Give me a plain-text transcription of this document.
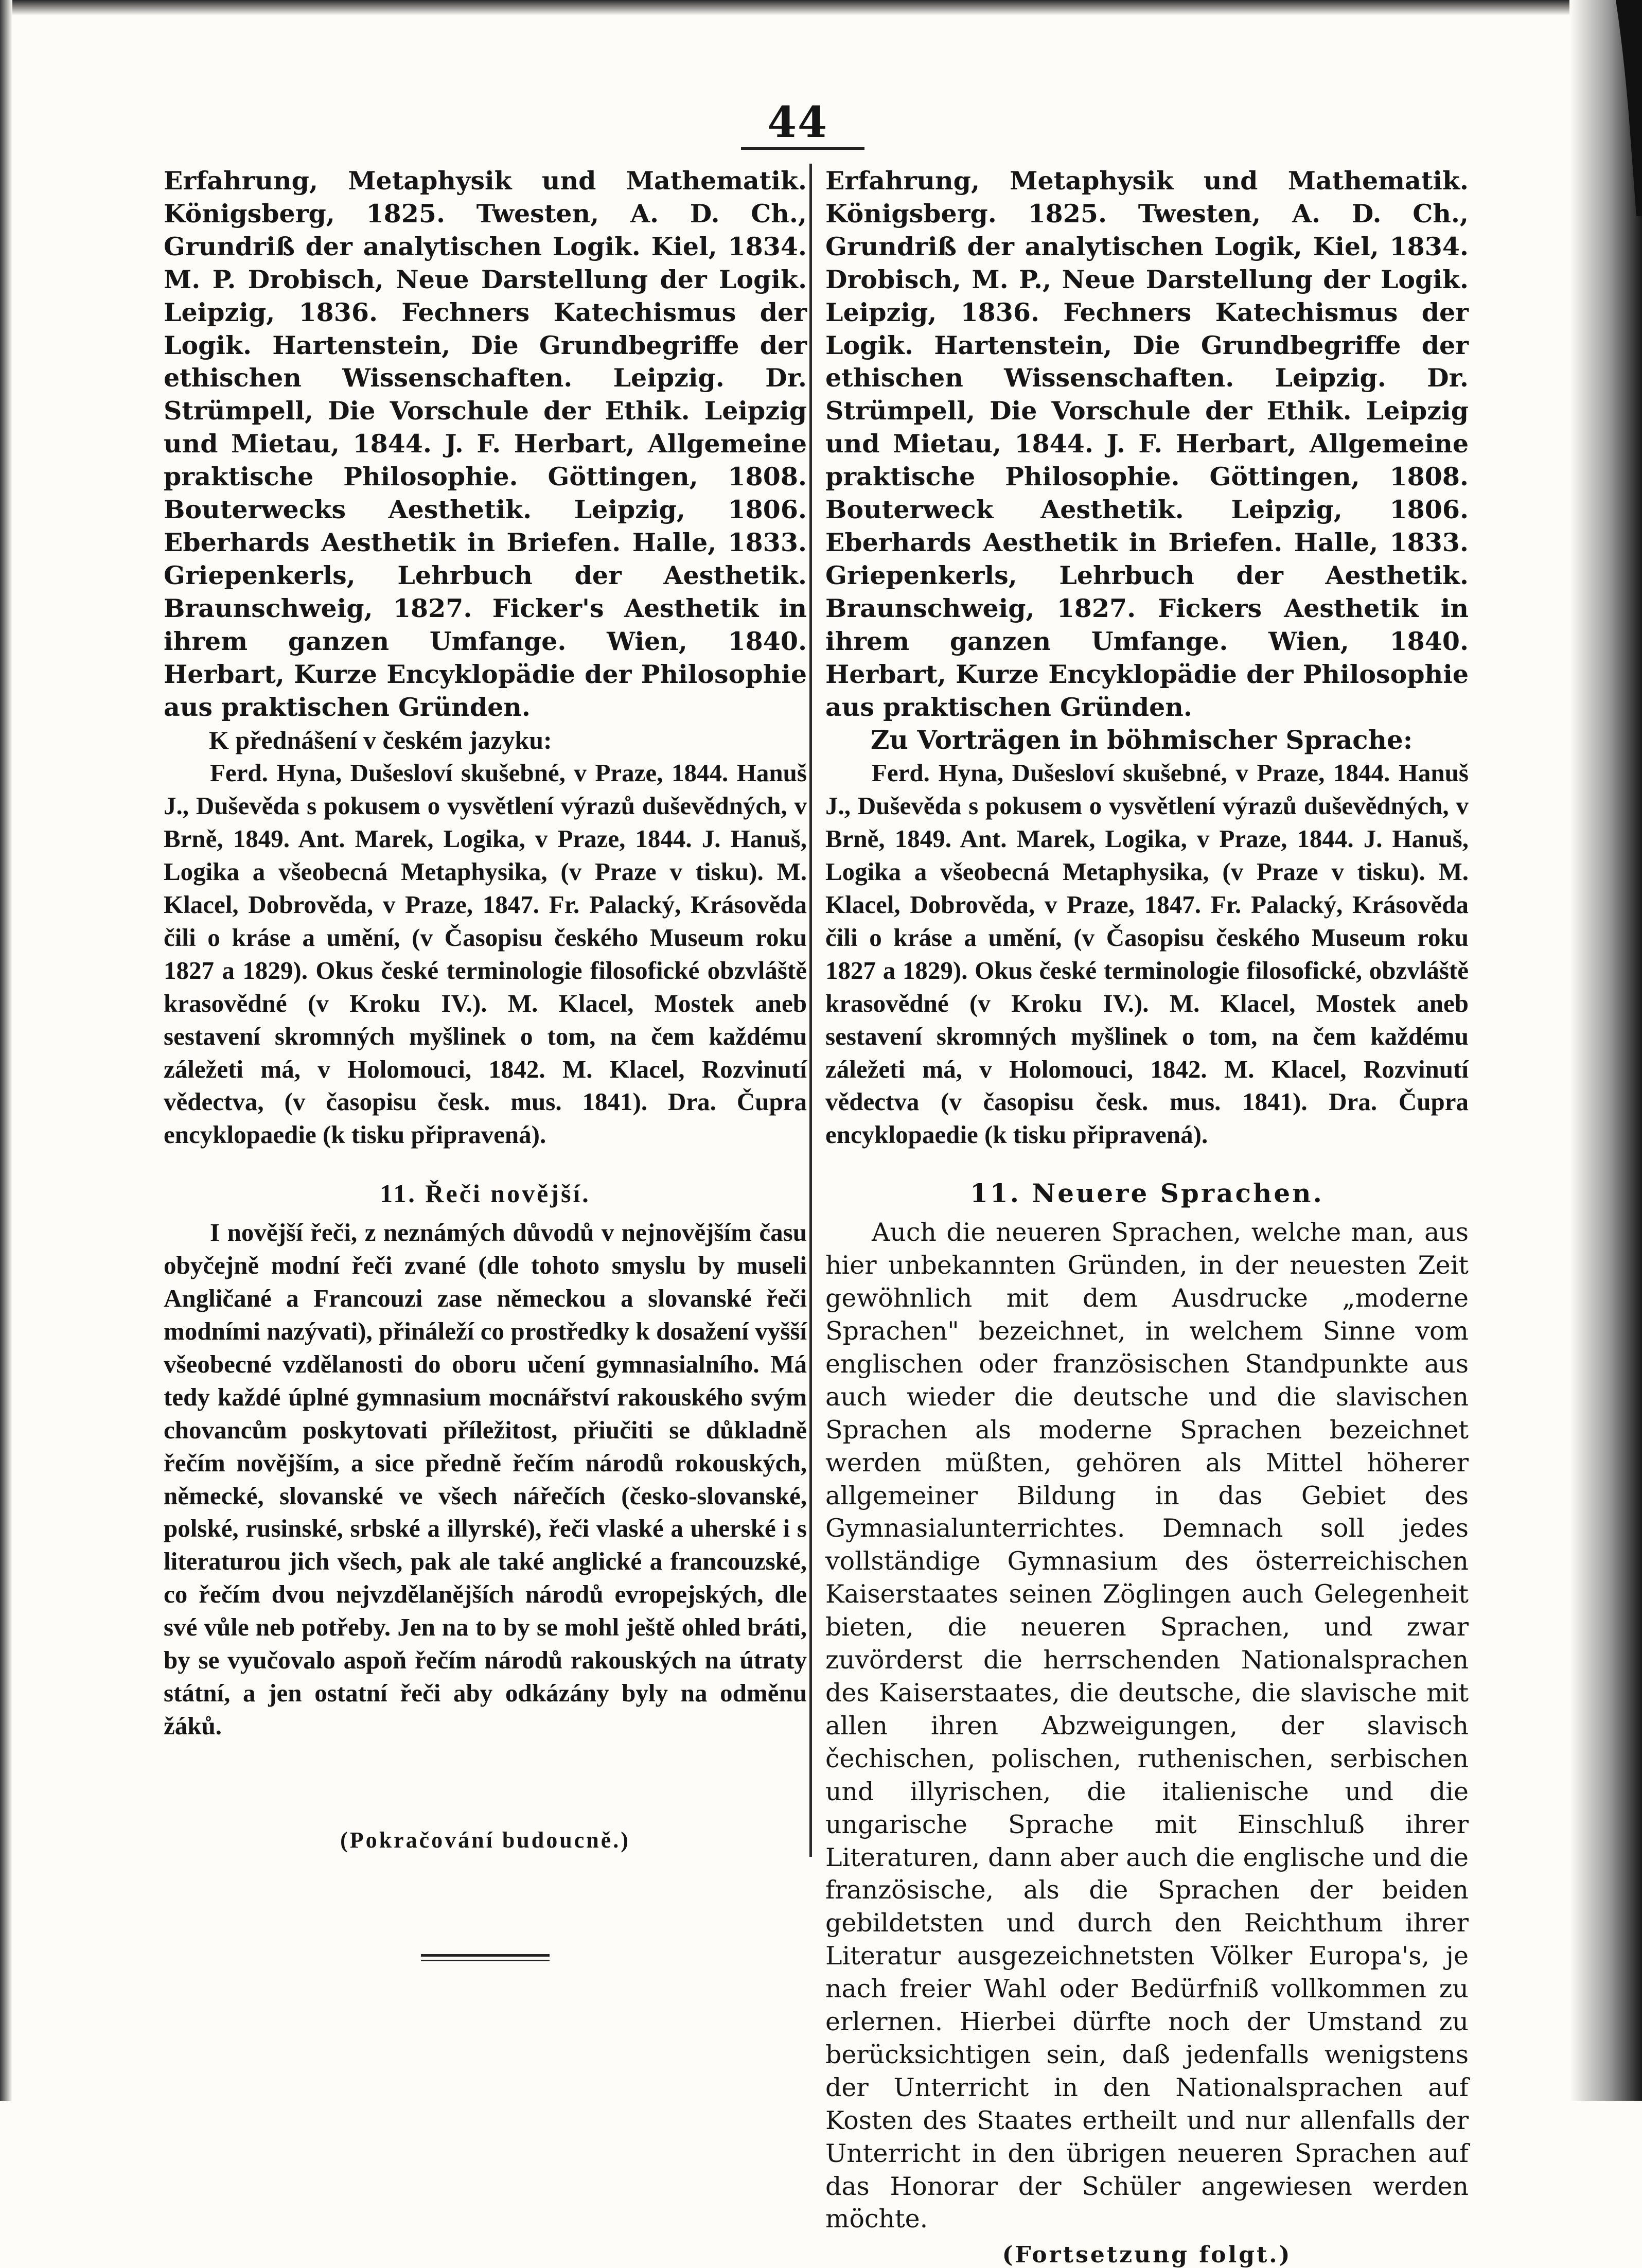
44

Erfahrung, Metaphysik und Mathematik. Königsberg, 1825. Twesten, A. D. Ch., Grundriß der analytischen Logik. Kiel, 1834. M. P. Drobisch, Neue Darstellung der Logik. Leipzig, 1836. Fechners Katechismus der Logik. Hartenstein, Die Grundbegriffe der ethischen Wissenschaften. Leipzig. Dr. Strümpell, Die Vorschule der Ethik. Leipzig und Mietau, 1844. J. F. Herbart, Allgemeine praktische Philosophie. Göttingen, 1808. Bouterwecks Aesthetik. Leipzig, 1806. Eberhards Aesthetik in Briefen. Halle, 1833. Griepenkerls, Lehrbuch der Aesthetik. Braunschweig, 1827. Ficker's Aesthetik in ihrem ganzen Umfange. Wien, 1840. Herbart, Kurze Encyklopädie der Philosophie aus praktischen Gründen.

K přednášení v českém jazyku:

Ferd. Hyna, Dušesloví skušebné, v Praze, 1844. Hanuš J., Duševěda s pokusem o vysvětlení výrazů duševědných, v Brně, 1849. Ant. Marek, Logika, v Praze, 1844. J. Hanuš, Logika a všeobecná Metaphysika, (v Praze v tisku). M. Klacel, Dobrověda, v Praze, 1847. Fr. Palacký, Krásověda čili o kráse a umění, (v Časopisu českého Museum roku 1827 a 1829). Okus české terminologie filosofické obzvláště krasovědné (v Kroku IV.). M. Klacel, Mostek aneb sestavení skromných myšlinek o tom, na čem každému záležeti má, v Holomouci, 1842. M. Klacel, Rozvinutí vědectva, (v časopisu česk. mus. 1841). Dra. Čupra encyklopaedie (k tisku připravená).

11. Řeči novější.

I novější řeči, z neznámých důvodů v nejnovějším času obyčejně modní řeči zvané (dle tohoto smyslu by museli Angličané a Francouzi zase německou a slovanské řeči modními nazývati), přináleží co prostředky k dosažení vyšší všeobecné vzdělanosti do oboru učení gymnasialního. Má tedy každé úplné gymnasium mocnářství rakouského svým chovancům poskytovati příležitost, přiučiti se důkladně řečím novějším, a sice předně řečím národů rokouských, německé, slovanské ve všech nářečích (česko-slovanské, polské, rusinské, srbské a illyrské), řeči vlaské a uherské i s literaturou jich všech, pak ale také anglické a francouzské, co řečím dvou nejvzdělanějších národů evropejských, dle své vůle neb potřeby. Jen na to by se mohl ještě ohled bráti, by se vyučovalo aspoň řečím národů rakouských na útraty státní, a jen ostatní řeči aby odkázány byly na odměnu žáků.

(Pokračování budoucně.)

Erfahrung, Metaphysik und Mathematik. Königsberg. 1825. Twesten, A. D. Ch., Grundriß der analytischen Logik, Kiel, 1834. Drobisch, M. P., Neue Darstellung der Logik. Leipzig, 1836. Fechners Katechismus der Logik. Hartenstein, Die Grundbegriffe der ethischen Wissenschaften. Leipzig. Dr. Strümpell, Die Vorschule der Ethik. Leipzig und Mietau, 1844. J. F. Herbart, Allgemeine praktische Philosophie. Göttingen, 1808. Bouterweck Aesthetik. Leipzig, 1806. Eberhards Aesthetik in Briefen. Halle, 1833. Griepenkerls, Lehrbuch der Aesthetik. Braunschweig, 1827. Fickers Aesthetik in ihrem ganzen Umfange. Wien, 1840. Herbart, Kurze Encyklopädie der Philosophie aus praktischen Gründen.

Zu Vorträgen in böhmischer Sprache:

Ferd. Hyna, Dušesloví skušebné, v Praze, 1844. Hanuš J., Duševěda s pokusem o vysvětlení výrazů duševědných, v Brně, 1849. Ant. Marek, Logika, v Praze, 1844. J. Hanuš, Logika a všeobecná Metaphysika, (v Praze v tisku). M. Klacel, Dobrověda, v Praze, 1847. Fr. Palacký, Krásověda čili o kráse a umění, (v Časopisu českého Museum roku 1827 a 1829). Okus české terminologie filosofické, obzvláště krasovědné (v Kroku IV.). M. Klacel, Mostek aneb sestavení skromných myšlinek o tom, na čem každému záležeti má, v Holomouci, 1842. M. Klacel, Rozvinutí vědectva (v časopisu česk. mus. 1841). Dra. Čupra encyklopaedie (k tisku připravená).

11. Neuere Sprachen.

Auch die neueren Sprachen, welche man, aus hier unbekannten Gründen, in der neuesten Zeit gewöhnlich mit dem Ausdrucke „moderne Sprachen" bezeichnet, in welchem Sinne vom englischen oder französischen Standpunkte aus auch wieder die deutsche und die slavischen Sprachen als moderne Sprachen bezeichnet werden müßten, gehören als Mittel höherer allgemeiner Bildung in das Gebiet des Gymnasialunterrichtes. Demnach soll jedes vollständige Gymnasium des österreichischen Kaiserstaates seinen Zöglingen auch Gelegenheit bieten, die neueren Sprachen, und zwar zuvörderst die herrschenden Nationalsprachen des Kaiserstaates, die deutsche, die slavische mit allen ihren Abzweigungen, der slavisch čechischen, polischen, ruthenischen, serbischen und illyrischen, die italienische und die ungarische Sprache mit Einschluß ihrer Literaturen, dann aber auch die englische und die französische, als die Sprachen der beiden gebildetsten und durch den Reichthum ihrer Literatur ausgezeichnetsten Völker Europa's, je nach freier Wahl oder Bedürfniß vollkommen zu erlernen. Hierbei dürfte noch der Umstand zu berücksichtigen sein, daß jedenfalls wenigstens der Unterricht in den Nationalsprachen auf Kosten des Staates ertheilt und nur allenfalls der Unterricht in den übrigen neueren Sprachen auf das Honorar der Schüler angewiesen werden möchte.

(Fortsetzung folgt.)
